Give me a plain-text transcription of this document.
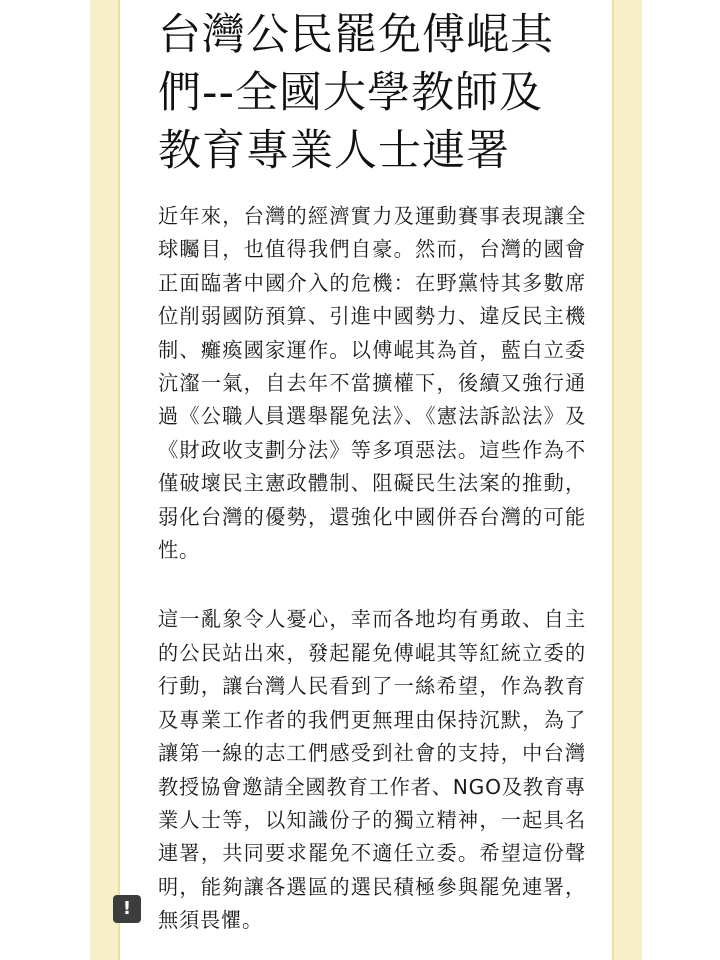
台灣公民罷免傅崐其們--全國大學教師及教育專業人士連署

近年來，台灣的經濟實力及運動賽事表現讓全球矚目，也值得我們自豪。然而，台灣的國會正面臨著中國介入的危機：在野黨恃其多數席位削弱國防預算、引進中國勢力、違反民主機制、癱瘓國家運作。以傅崐其為首，藍白立委沆瀣一氣，自去年不當擴權下，後續又強行通過《公職人員選舉罷免法》、《憲法訴訟法》及《財政收支劃分法》等多項惡法。這些作為不僅破壞民主憲政體制、阻礙民生法案的推動，弱化台灣的優勢，還強化中國併吞台灣的可能性。

這一亂象令人憂心，幸而各地均有勇敢、自主的公民站出來，發起罷免傅崐其等紅統立委的行動，讓台灣人民看到了一絲希望，作為教育及專業工作者的我們更無理由保持沉默，為了讓第一線的志工們感受到社會的支持，中台灣教授協會邀請全國教育工作者、NGO及教育專業人士等，以知識份子的獨立精神，一起具名連署，共同要求罷免不適任立委。希望這份聲明，能夠讓各選區的選民積極參與罷免連署，無須畏懼。

!
